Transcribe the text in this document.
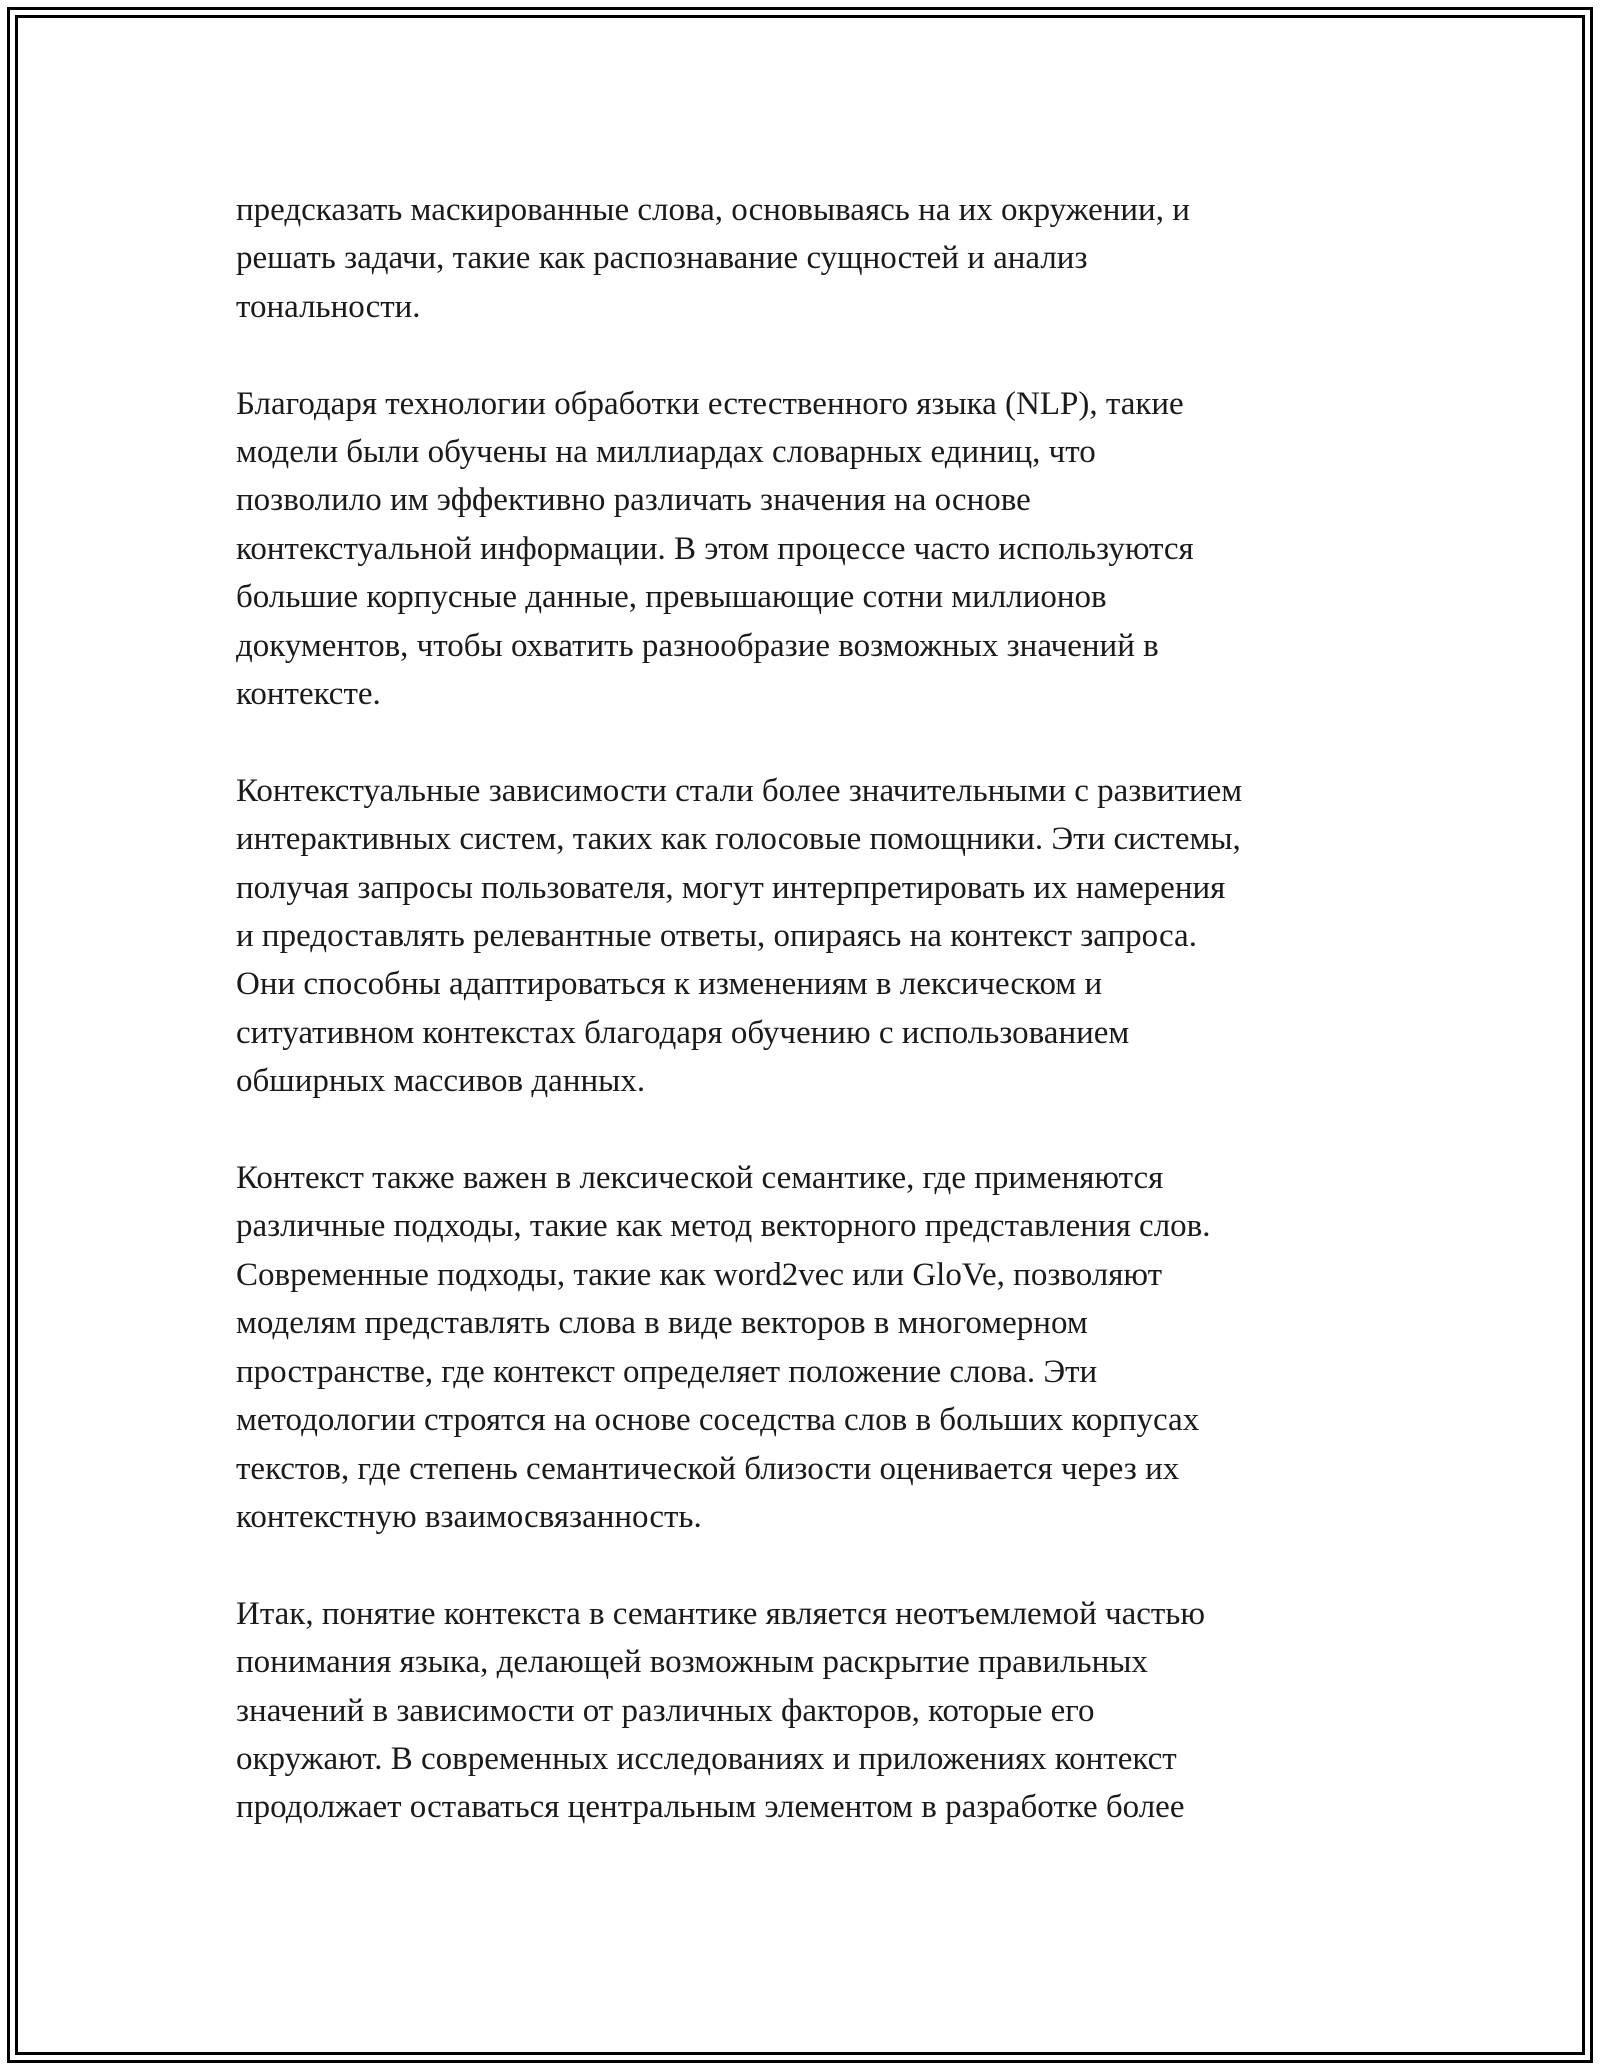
предсказать маскированные слова, основываясь на их окружении, и
решать задачи, такие как распознавание сущностей и анализ
тональности.

Благодаря технологии обработки естественного языка (NLP), такие
модели были обучены на миллиардах словарных единиц, что
позволило им эффективно различать значения на основе
контекстуальной информации. В этом процессе часто используются
большие корпусные данные, превышающие сотни миллионов
документов, чтобы охватить разнообразие возможных значений в
контексте.

Контекстуальные зависимости стали более значительными с развитием
интерактивных систем, таких как голосовые помощники. Эти системы,
получая запросы пользователя, могут интерпретировать их намерения
и предоставлять релевантные ответы, опираясь на контекст запроса.
Они способны адаптироваться к изменениям в лексическом и
ситуативном контекстах благодаря обучению с использованием
обширных массивов данных.

Контекст также важен в лексической семантике, где применяются
различные подходы, такие как метод векторного представления слов.
Современные подходы, такие как word2vec или GloVe, позволяют
моделям представлять слова в виде векторов в многомерном
пространстве, где контекст определяет положение слова. Эти
методологии строятся на основе соседства слов в больших корпусах
текстов, где степень семантической близости оценивается через их
контекстную взаимосвязанность.

Итак, понятие контекста в семантике является неотъемлемой частью
понимания языка, делающей возможным раскрытие правильных
значений в зависимости от различных факторов, которые его
окружают. В современных исследованиях и приложениях контекст
продолжает оставаться центральным элементом в разработке более
